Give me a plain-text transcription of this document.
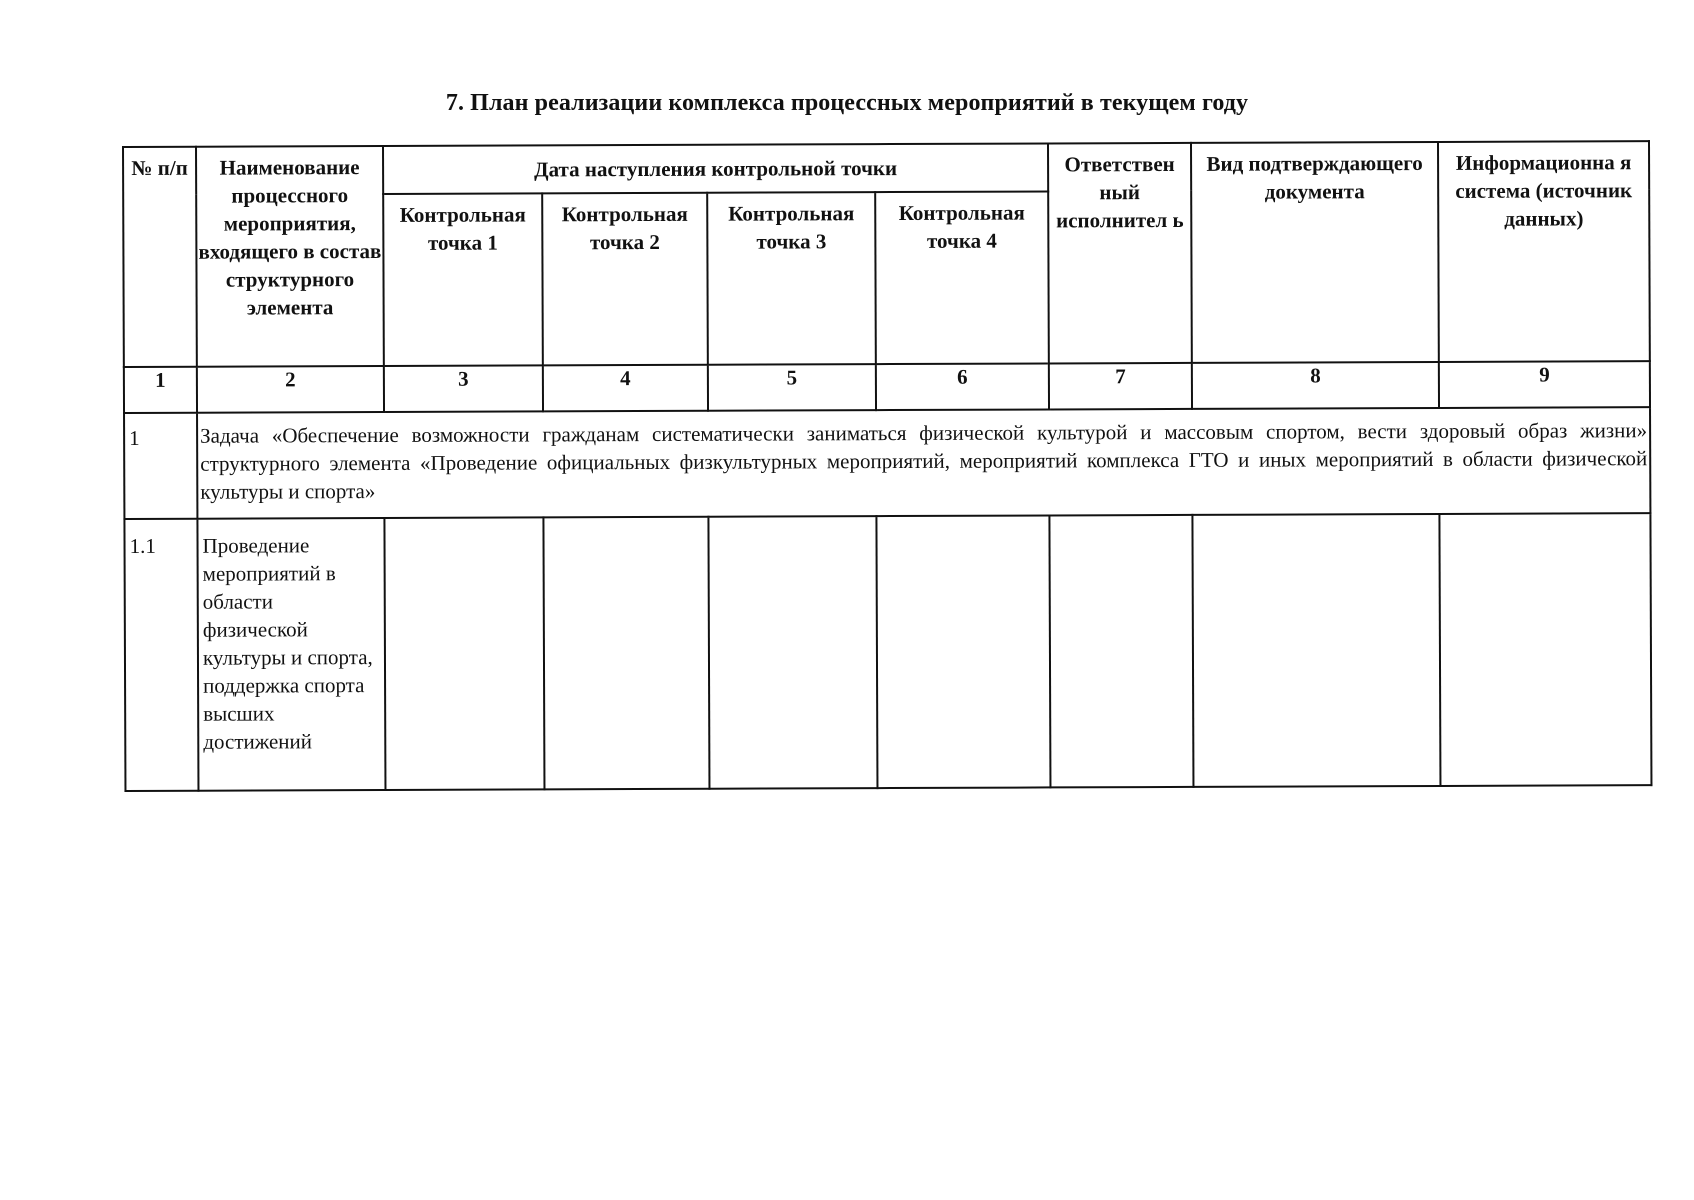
7. План реализации комплекса процессных мероприятий в текущем году
№ п/п	Наименование процессного мероприятия, входящего в состав структурного элемента	Дата наступления контрольной точки				Ответствен ный исполнител ь	Вид подтверждающего документа	Информационна я система (источник данных)
		Контрольная точка 1	Контрольная точка 2	Контрольная точка 3	Контрольная точка 4			
1	2	3	4	5	6	7	8	9
1	Задача «Обеспечение возможности гражданам систематически заниматься физической культурой и массовым спортом, вести здоровый образ жизни» структурного элемента «Проведение официальных физкультурных мероприятий, мероприятий комплекса ГТО и иных мероприятий в области физической культуры и спорта»							
1.1	Проведение мероприятий в области физической культуры и спорта, поддержка спорта высших достижений							
